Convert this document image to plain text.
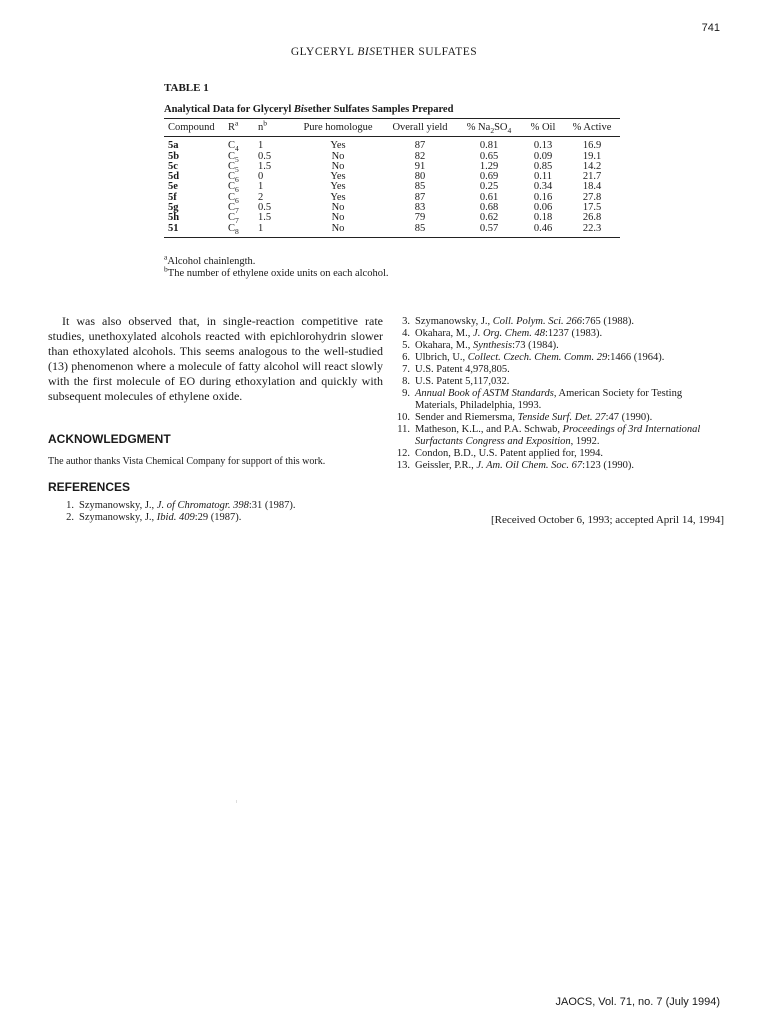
741
GLYCERYL BISETHER SULFATES
TABLE 1
Analytical Data for Glyceryl Bisether Sulfates Samples Prepared
Compound	$R^a$	$n^b$	Pure homologue	Overall yield	% $Na_2SO_4$	% Oil	% Active
5a	$C_4$	1	Yes	87	0.81	0.13	16.9
5b	$C_5$	0.5	No	82	0.65	0.09	19.1
5c	$C_5$	1.5	No	91	1.29	0.85	14.2
5d	$C_6$	0	Yes	80	0.69	0.11	21.7
5e	$C_6$	1	Yes	85	0.25	0.34	18.4
5f	$C_6$	2	Yes	87	0.61	0.16	27.8
5g	$C_7$	0.5	No	83	0.68	0.06	17.5
5h	$C_7$	1.5	No	79	0.62	0.18	26.8
51	$C_8$	1	No	85	0.57	0.46	22.3
$^a$Alcohol chainlength.
$^b$The number of ethylene oxide units on each alcohol.
It was also observed that, in single-reaction competitive rate studies, unethoxylated alcohols reacted with epichlorohydrin slower than ethoxylated alcohols. This seems analogous to the well-studied (13) phenomenon where a molecule of fatty alcohol will react slowly with the first molecule of EO during ethoxylation and quickly with subsequent molecules of ethylene oxide.
ACKNOWLEDGMENT
The author thanks Vista Chemical Company for support of this work.
REFERENCES
1. Szymanowsky, J., J. of Chromatogr. 398:31 (1987).
2. Szymanowsky, J., Ibid. 409:29 (1987).
3. Szymanowsky, J., Coll. Polym. Sci. 266:765 (1988).
4. Okahara, M., J. Org. Chem. 48:1237 (1983).
5. Okahara, M., Synthesis:73 (1984).
6. Ulbrich, U., Collect. Czech. Chem. Comm. 29:1466 (1964).
7. U.S. Patent 4,978,805.
8. U.S. Patent 5,117,032.
9. Annual Book of ASTM Standards, American Society for Testing Materials, Philadelphia, 1993.
10. Sender and Riemersma, Tenside Surf. Det. 27:47 (1990).
11. Matheson, K.L., and P.A. Schwab, Proceedings of 3rd International Surfactants Congress and Exposition, 1992.
12. Condon, B.D., U.S. Patent applied for, 1994.
13. Geissler, P.R., J. Am. Oil Chem. Soc. 67:123 (1990).
[Received October 6, 1993; accepted April 14, 1994]
JAOCS, Vol. 71, no. 7 (July 1994)
